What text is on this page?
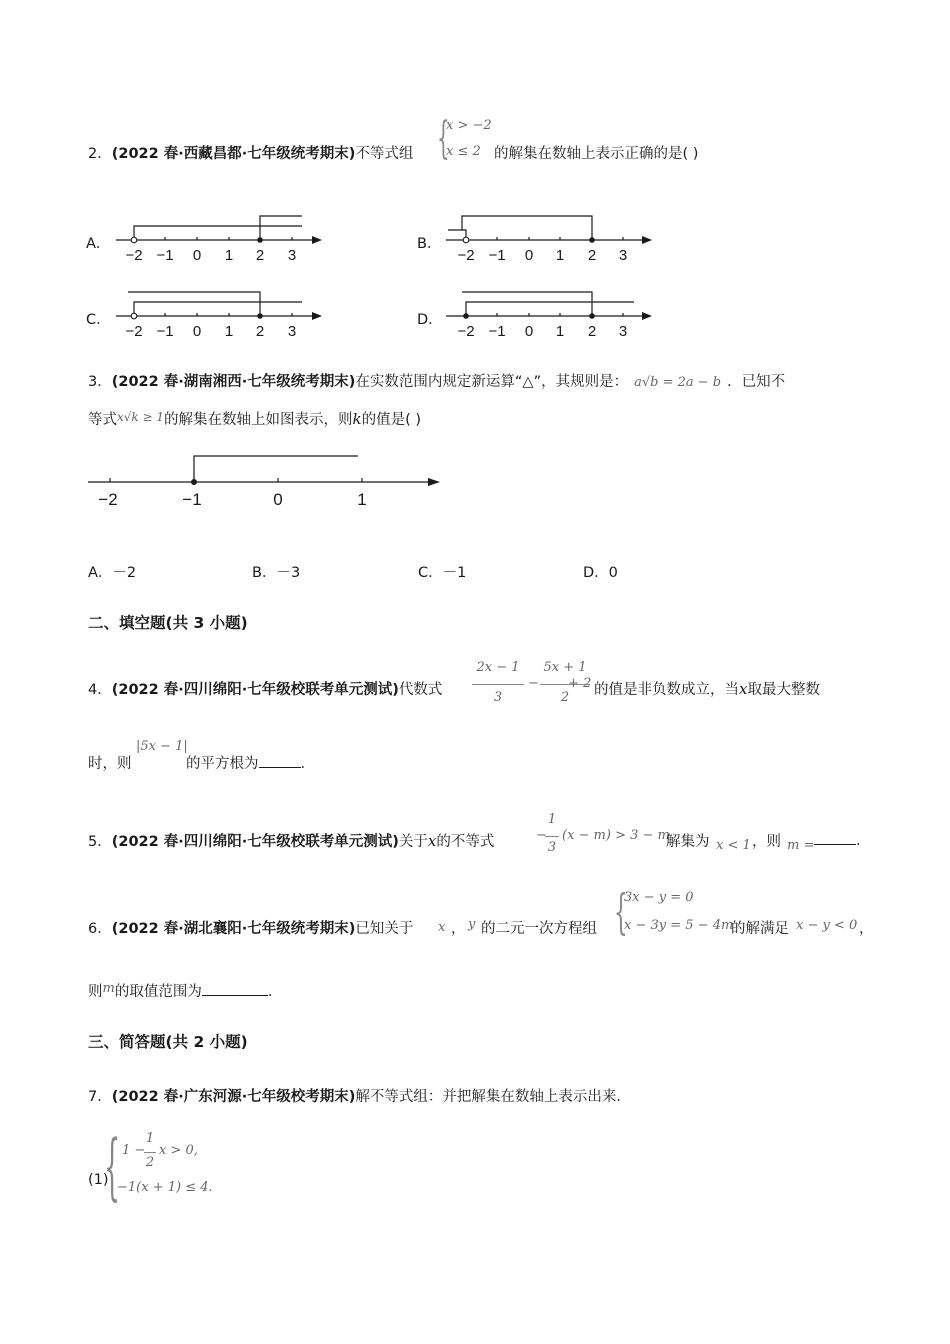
2．(2022 春·西藏昌都·七年级统考期末)不等式组 {
x > −2
x ≤ 2 的解集在数轴上表示正确的是( )
A．
−2 −1 0 1 2 3
B．
−2 −1 0 1 2 3
C．
−2 −1 0 1 2 3
D．
−2 −1 0 1 2 3
3．(2022 春·湖南湘西·七年级统考期末)在实数范围内规定新运算“△”，其规则是： a√b = 2a − b ．已知不
等式$^{x√k \ge 1}$的解集在数轴上如图表示，则k的值是( )
−2	−1	0	1
A．－2	B．－3	C．－1	D．0
二、填空题(共 3 小题)
4．(2022 春·四川绵阳·七年级校联考单元测试)代数式
2x − 1
3
−
5x + 1
2
+ 2 的值是非负数成立，当x取最大整数
时，则
|5x − 1|
的平方根为	．
5．(2022 春·四川绵阳·七年级校联考单元测试)关于x的不等式	−
1
3
(x − m) > 3 − m
解集为 x < 1 ，则 m =	.
6．(2022 春·湖北襄阳·七年级统考期末)已知关于 x ， y 的二元一次方程组 {
3x − y = 0
x − 3y = 5 − 4m
的解满足 x − y < 0 ，
则m的取值范围为	.
三、简答题(共 2 小题)
7．(2022 春·广东河源·七年级校考期末)解不等式组：并把解集在数轴上表示出来．
(1)
{ 1 −
1
2
x > 0,
−1(x + 1) ≤ 4.
